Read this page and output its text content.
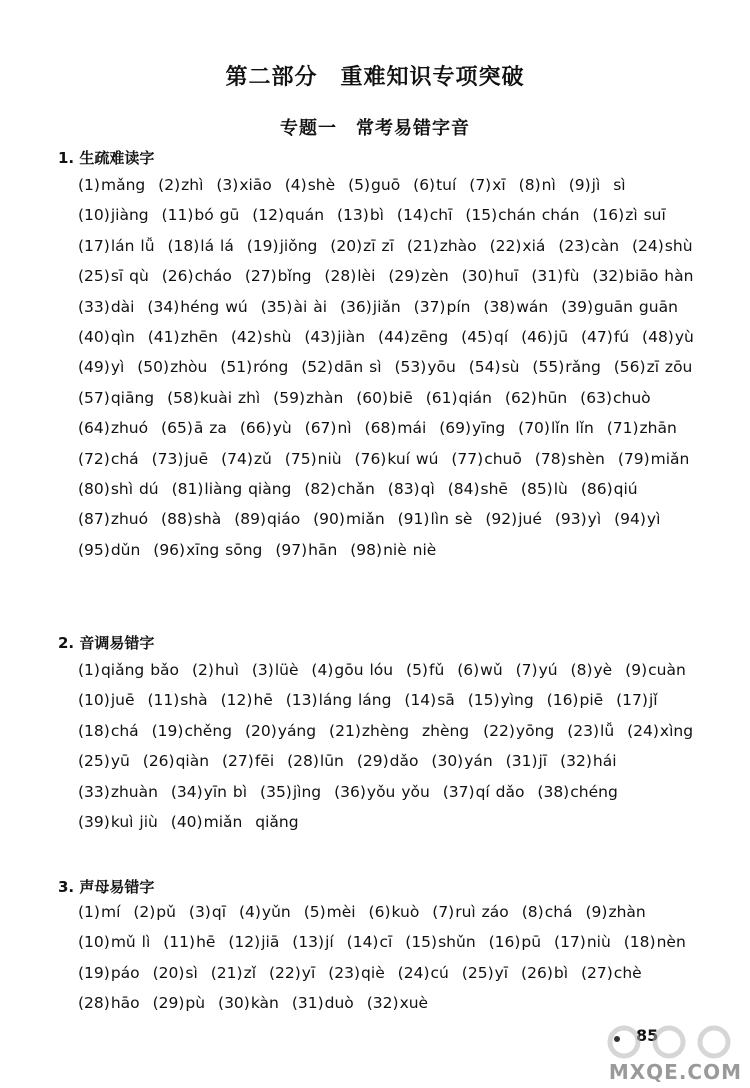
第二部分　重难知识专项突破
专题一　常考易错字音
1. 生疏难读字
(1)mǎng (2)zhì (3)xiāo (4)shè (5)guō (6)tuí (7)xī (8)nì (9)jì sì (10)jiàng (11)bó gū (12)quán (13)bì (14)chī (15)chán chán (16)zì suī (17)lán lǚ (18)lá lá (19)jiǒng (20)zī zī (21)zhào (22)xiá (23)càn (24)shù (25)sī qù (26)cháo (27)bǐng (28)lèi (29)zèn (30)huī (31)fù (32)biāo hàn (33)dài (34)héng wú (35)ài ài (36)jiǎn (37)pín (38)wán (39)guān guān (40)qìn (41)zhēn (42)shù (43)jiàn (44)zēng (45)qí (46)jū (47)fú (48)yù (49)yì (50)zhòu (51)róng (52)dān sì (53)yōu (54)sù (55)rǎng (56)zī zōu (57)qiāng (58)kuài zhì (59)zhàn (60)biē (61)qián (62)hūn (63)chuò (64)zhuó (65)ā za (66)yù (67)nì (68)mái (69)yīng (70)lǐn lǐn (71)zhān (72)chá (73)juē (74)zǔ (75)niù (76)kuí wú (77)chuō (78)shèn (79)miǎn (80)shì dú (81)liàng qiàng (82)chǎn (83)qì (84)shē (85)lù (86)qiú (87)zhuó (88)shà (89)qiáo (90)miǎn (91)lìn sè (92)jué (93)yì (94)yì (95)dǔn (96)xīng sōng (97)hān (98)niè niè
2. 音调易错字
(1)qiǎng bǎo (2)huì (3)lüè (4)gōu lóu (5)fǔ (6)wǔ (7)yú (8)yè (9)cuàn (10)juē (11)shà (12)hē (13)láng láng (14)sā (15)yìng (16)piē (17)jǐ (18)chá (19)chěng (20)yáng (21)zhèng zhèng (22)yōng (23)lǚ (24)xìng (25)yū (26)qiàn (27)fēi (28)lūn (29)dǎo (30)yán (31)jī (32)hái (33)zhuàn (34)yīn bì (35)jìng (36)yǒu yǒu (37)qí dǎo (38)chéng (39)kuì jiù (40)miǎn qiǎng
3. 声母易错字
(1)mí (2)pǔ (3)qī (4)yǔn (5)mèi (6)kuò (7)ruì záo (8)chá (9)zhàn (10)mǔ lì (11)hē (12)jiā (13)jí (14)cī (15)shǔn (16)pū (17)niù (18)nèn (19)páo (20)sì (21)zǐ (22)yī (23)qiè (24)cú (25)yī (26)bì (27)chè (28)hāo (29)pù (30)kàn (31)duò (32)xuè
85
MXQE.COM
